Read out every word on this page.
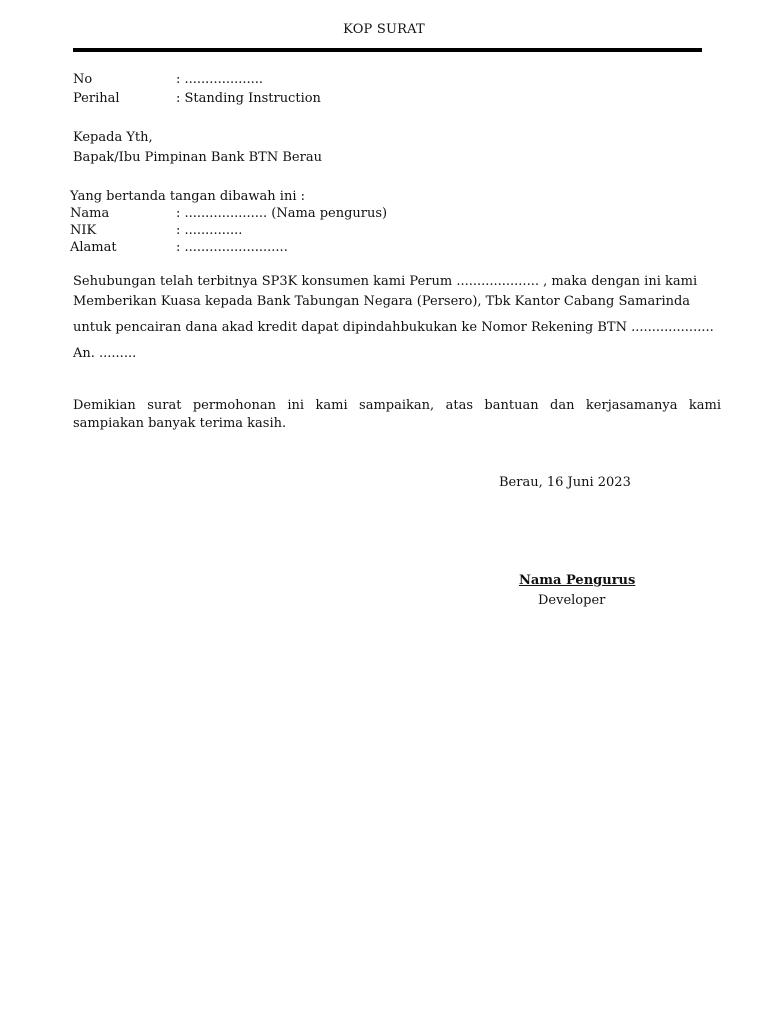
KOP SURAT
No	: ...................
Perihal	: Standing Instruction
Kepada Yth,
Bapak/Ibu Pimpinan Bank BTN Berau
Yang bertanda tangan dibawah ini :
Nama	: .................... (Nama pengurus)
NIK	: ..............
Alamat	: .........................
Sehubungan telah terbitnya SP3K konsumen kami Perum .................... , maka dengan ini kami
Memberikan Kuasa kepada Bank Tabungan Negara (Persero), Tbk Kantor Cabang Samarinda
untuk pencairan dana akad kredit dapat dipindahbukukan ke Nomor Rekening BTN ....................
An. .........
Demikian surat permohonan ini kami sampaikan, atas bantuan dan kerjasamanya kami
sampiakan banyak terima kasih.
Berau, 16 Juni 2023
Nama Pengurus
Developer
